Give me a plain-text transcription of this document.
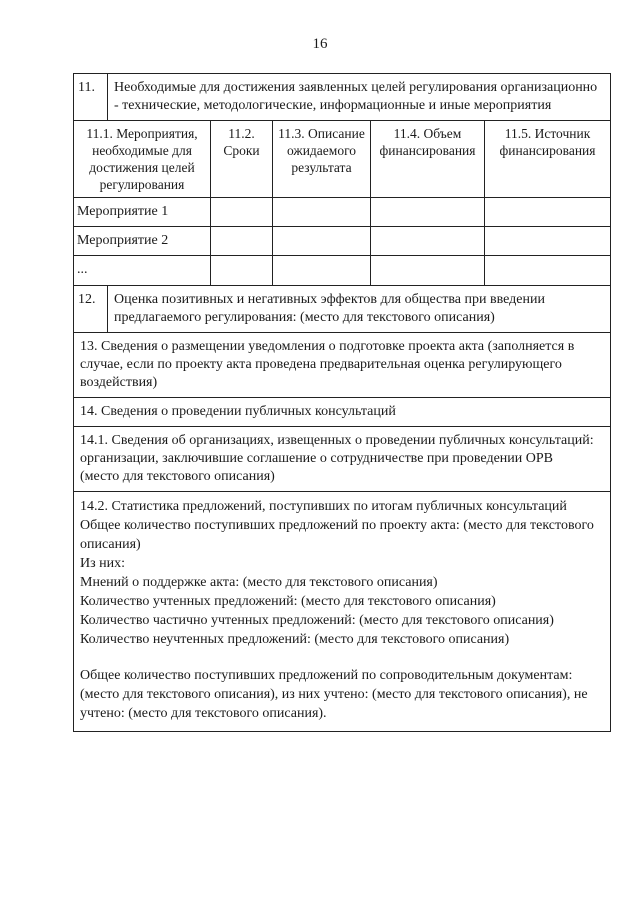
16
11.	Необходимые для достижения заявленных целей регулирования организационно - технические, методологические, информационные и иные мероприятия
11.1. Мероприятия, необходимые для достижения целей регулирования
11.2. Сроки
11.3. Описание ожидаемого результата
11.4. Объем финансирования
11.5. Источник финансирования
Мероприятие 1
Мероприятие 2
...
12.	Оценка позитивных и негативных эффектов для общества при введении предлагаемого регулирования: (место для текстового описания)
13. Сведения о размещении уведомления о подготовке проекта акта (заполняется в случае, если по проекту акта проведена предварительная оценка регулирующего воздействия)
14. Сведения о проведении публичных консультаций
14.1. Сведения об организациях, извещенных о проведении публичных консультаций: организации, заключившие соглашение о сотрудничестве при проведении ОРВ
(место для текстового описания)
14.2. Статистика предложений, поступивших по итогам публичных консультаций
Общее количество поступивших предложений по проекту акта: (место для текстового описания)
Из них:
Мнений о поддержке акта: (место для текстового описания)
Количество учтенных предложений: (место для текстового описания)
Количество частично учтенных предложений: (место для текстового описания)
Количество неучтенных предложений: (место для текстового описания)
Общее количество поступивших предложений по сопроводительным документам: (место для текстового описания), из них учтено: (место для текстового описания), не учтено: (место для текстового описания).
